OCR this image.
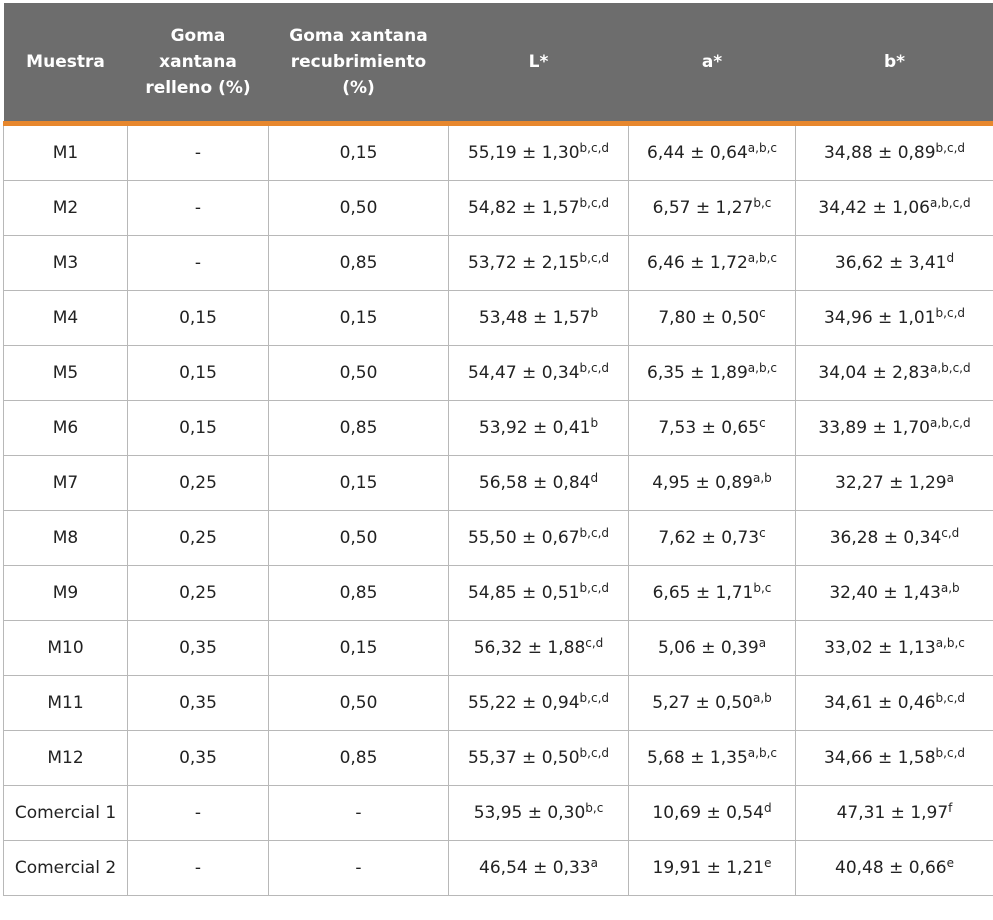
Muestra	Goma xantana relleno (%)	Goma xantana recubrimiento (%)	L*	a*	b*
M1	-	0,15	$55,19 \pm 1,30^{b,c,d}$	$6,44 \pm 0,64^{a,b,c}$	$34,88 \pm 0,89^{b,c,d}$
M2	-	0,50	$54,82 \pm 1,57^{b,c,d}$	$6,57 \pm 1,27^{b,c}$	$34,42 \pm 1,06^{a,b,c,d}$
M3	-	0,85	$53,72 \pm 2,15^{b,c,d}$	$6,46 \pm 1,72^{a,b,c}$	36,62 ± 3,41$^d$
M4	0,15	0,15	53,48 ± 1,57$^b$	7,80 ± 0,50$^c$	$34,96 \pm 1,01^{b,c,d}$
M5	0,15	0,50	$54,47 \pm 0,34^{b,c,d}$	$6,35 \pm 1,89^{a,b,c}$	$34,04 \pm 2,83^{a,b,c,d}$
M6	0,15	0,85	53,92 ± 0,41$^b$	7,53 ± 0,65$^c$	$33,89 \pm 1,70^{a,b,c,d}$
M7	0,25	0,15	56,58 ± 0,84$^d$	$4,95 \pm 0,89^{a,b}$	32,27 ± 1,29$^a$
M8	0,25	0,50	$55,50 \pm 0,67^{b,c,d}$	7,62 ± 0,73$^c$	$36,28 \pm 0,34^{c,d}$
M9	0,25	0,85	$54,85 \pm 0,51^{b,c,d}$	$6,65 \pm 1,71^{b,c}$	$32,40 \pm 1,43^{a,b}$
M10	0,35	0,15	$56,32 \pm 1,88^{c,d}$	5,06 ± 0,39$^a$	$33,02 \pm 1,13^{a,b,c}$
M11	0,35	0,50	$55,22 \pm 0,94^{b,c,d}$	$5,27 \pm 0,50^{a,b}$	$34,61 \pm 0,46^{b,c,d}$
M12	0,35	0,85	$55,37 \pm 0,50^{b,c,d}$	$5,68 \pm 1,35^{a,b,c}$	$34,66 \pm 1,58^{b,c,d}$
Comercial 1	-	-	$53,95 \pm 0,30^{b,c}$	10,69 ± 0,54$^d$	47,31 ± 1,97$^f$
Comercial 2	-	-	46,54 ± 0,33$^a$	19,91 ± 1,21$^e$	40,48 ± 0,66$^e$
